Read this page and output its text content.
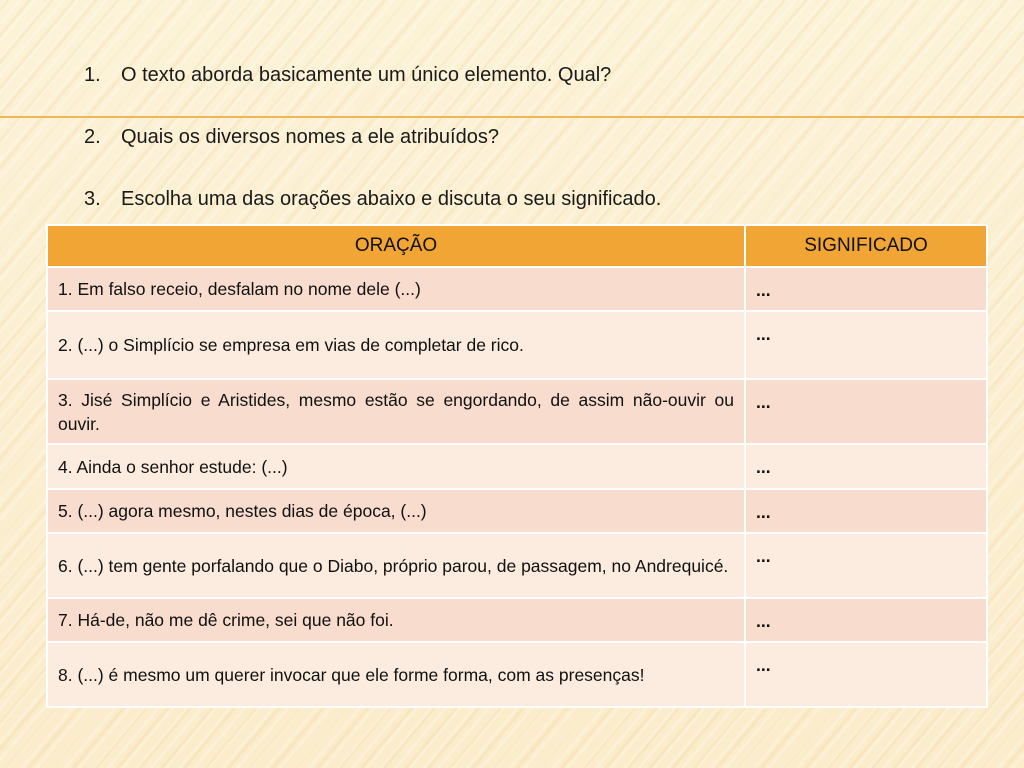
1.	O texto aborda basicamente um único elemento. Qual?
2.	Quais os diversos nomes a ele atribuídos?
3.	Escolha uma das orações abaixo e discuta o seu significado.
ORAÇÃO	SIGNIFICADO
1. Em falso receio, desfalam no nome dele (...)	...
2. (...) o Simplício se empresa em vias de completar de rico.	...
3. Jisé Simplício e Aristides, mesmo estão se engordando, de assim não-ouvir ou ouvir.	...
4. Ainda o senhor estude: (...)	...
5. (...) agora mesmo, nestes dias de época, (...)	...
6. (...) tem gente porfalando que o Diabo, próprio parou, de passagem, no Andrequicé.	...
7. Há-de, não me dê crime, sei que não foi.	...
8. (...) é mesmo um querer invocar que ele forme forma, com as presenças!	...
